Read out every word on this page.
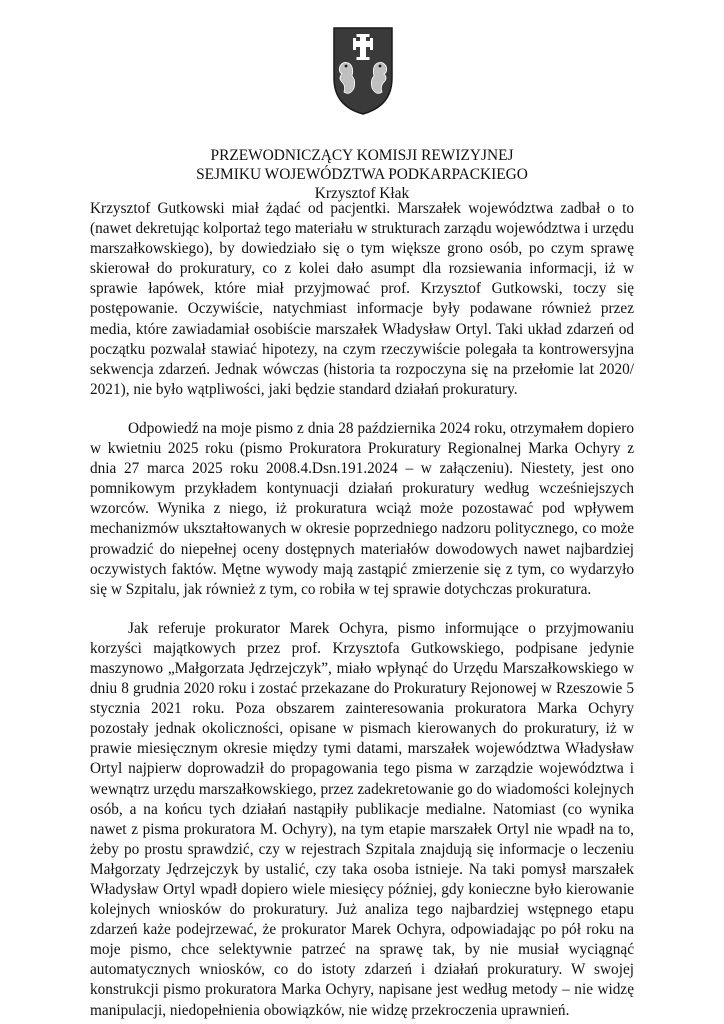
PRZEWODNICZĄCY KOMISJI REWIZYJNEJ
SEJMIKU WOJEWÓDZTWA PODKARPACKIEGO
Krzysztof Kłak

Krzysztof Gutkowski miał żądać od pacjentki. Marszałek województwa zadbał o to (nawet dekretując kolportaż tego materiału w strukturach zarządu województwa i urzędu marszałkowskiego), by dowiedziało się o tym większe grono osób, po czym sprawę skierował do prokuratury, co z kolei dało asumpt dla rozsiewania informacji, iż w sprawie łapówek, które miał przyjmować prof. Krzysztof Gutkowski, toczy się postępowanie. Oczywiście, natychmiast informacje były podawane również przez media, które zawiadamiał osobiście marszałek Władysław Ortyl. Taki układ zdarzeń od początku pozwalał stawiać hipotezy, na czym rzeczywiście polegała ta kontrowersyjna sekwencja zdarzeń. Jednak wówczas (historia ta rozpoczyna się na przełomie lat 2020/ 2021), nie było wątpliwości, jaki będzie standard działań prokuratury.

Odpowiedź na moje pismo z dnia 28 października 2024 roku, otrzymałem dopiero w kwietniu 2025 roku (pismo Prokuratora Prokuratury Regionalnej Marka Ochyry z dnia 27 marca 2025 roku 2008.4.Dsn.191.2024 – w załączeniu). Niestety, jest ono pomnikowym przykładem kontynuacji działań prokuratury według wcześniejszych wzorców. Wynika z niego, iż prokuratura wciąż może pozostawać pod wpływem mechanizmów ukształtowanych w okresie poprzedniego nadzoru politycznego, co może prowadzić do niepełnej oceny dostępnych materiałów dowodowych nawet najbardziej oczywistych faktów. Mętne wywody mają zastąpić zmierzenie się z tym, co wydarzyło się w Szpitalu, jak również z tym, co robiła w tej sprawie dotychczas prokuratura.

Jak referuje prokurator Marek Ochyra, pismo informujące o przyjmowaniu korzyści majątkowych przez prof. Krzysztofa Gutkowskiego, podpisane jedynie maszynowo „Małgorzata Jędrzejczyk”, miało wpłynąć do Urzędu Marszałkowskiego w dniu 8 grudnia 2020 roku i zostać przekazane do Prokuratury Rejonowej w Rzeszowie 5 stycznia 2021 roku. Poza obszarem zainteresowania prokuratora Marka Ochyry pozostały jednak okoliczności, opisane w pismach kierowanych do prokuratury, iż w prawie miesięcznym okresie między tymi datami, marszałek województwa Władysław Ortyl najpierw doprowadził do propagowania tego pisma w zarządzie województwa i wewnątrz urzędu marszałkowskiego, przez zadekretowanie go do wiadomości kolejnych osób, a na końcu tych działań nastąpiły publikacje medialne. Natomiast (co wynika nawet z pisma prokuratora M. Ochyry), na tym etapie marszałek Ortyl nie wpadł na to, żeby po prostu sprawdzić, czy w rejestrach Szpitala znajdują się informacje o leczeniu Małgorzaty Jędrzejczyk by ustalić, czy taka osoba istnieje. Na taki pomysł marszałek Władysław Ortyl wpadł dopiero wiele miesięcy później, gdy konieczne było kierowanie kolejnych wniosków do prokuratury. Już analiza tego najbardziej wstępnego etapu zdarzeń każe podejrzewać, że prokurator Marek Ochyra, odpowiadając po pół roku na moje pismo, chce selektywnie patrzeć na sprawę tak, by nie musiał wyciągnąć automatycznych wniosków, co do istoty zdarzeń i działań prokuratury. W swojej konstrukcji pismo prokuratora Marka Ochyry, napisane jest według metody – nie widzę manipulacji, niedopełnienia obowiązków, nie widzę przekroczenia uprawnień.
